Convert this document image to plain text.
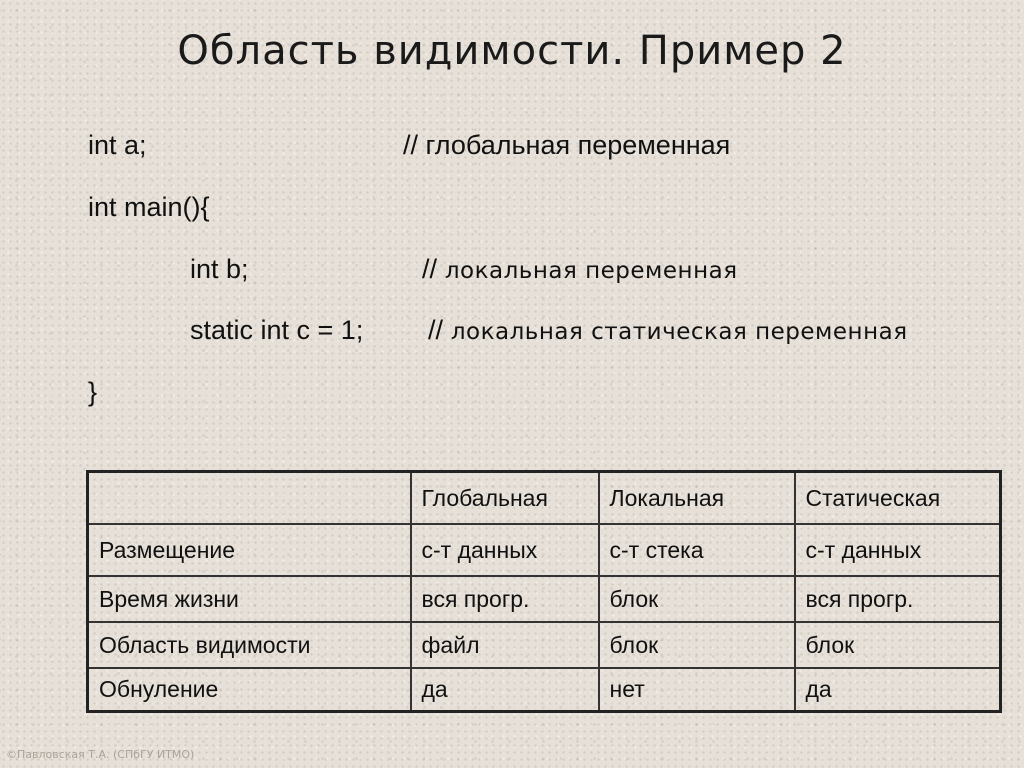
Область видимости. Пример 2
int a;	// глобальная переменная
int main(){
int b;	// локальная переменная
static int c = 1; // локальная статическая переменная
}
	Глобальная	Локальная	Статическая
Размещение	с-т данных	с-т стека	с-т данных
Время жизни	вся прогр.	блок	вся прогр.
Область видимости	файл	блок	блок
Обнуление	да	нет	да
©Павловская Т.А. (СПбГУ ИТМО)
